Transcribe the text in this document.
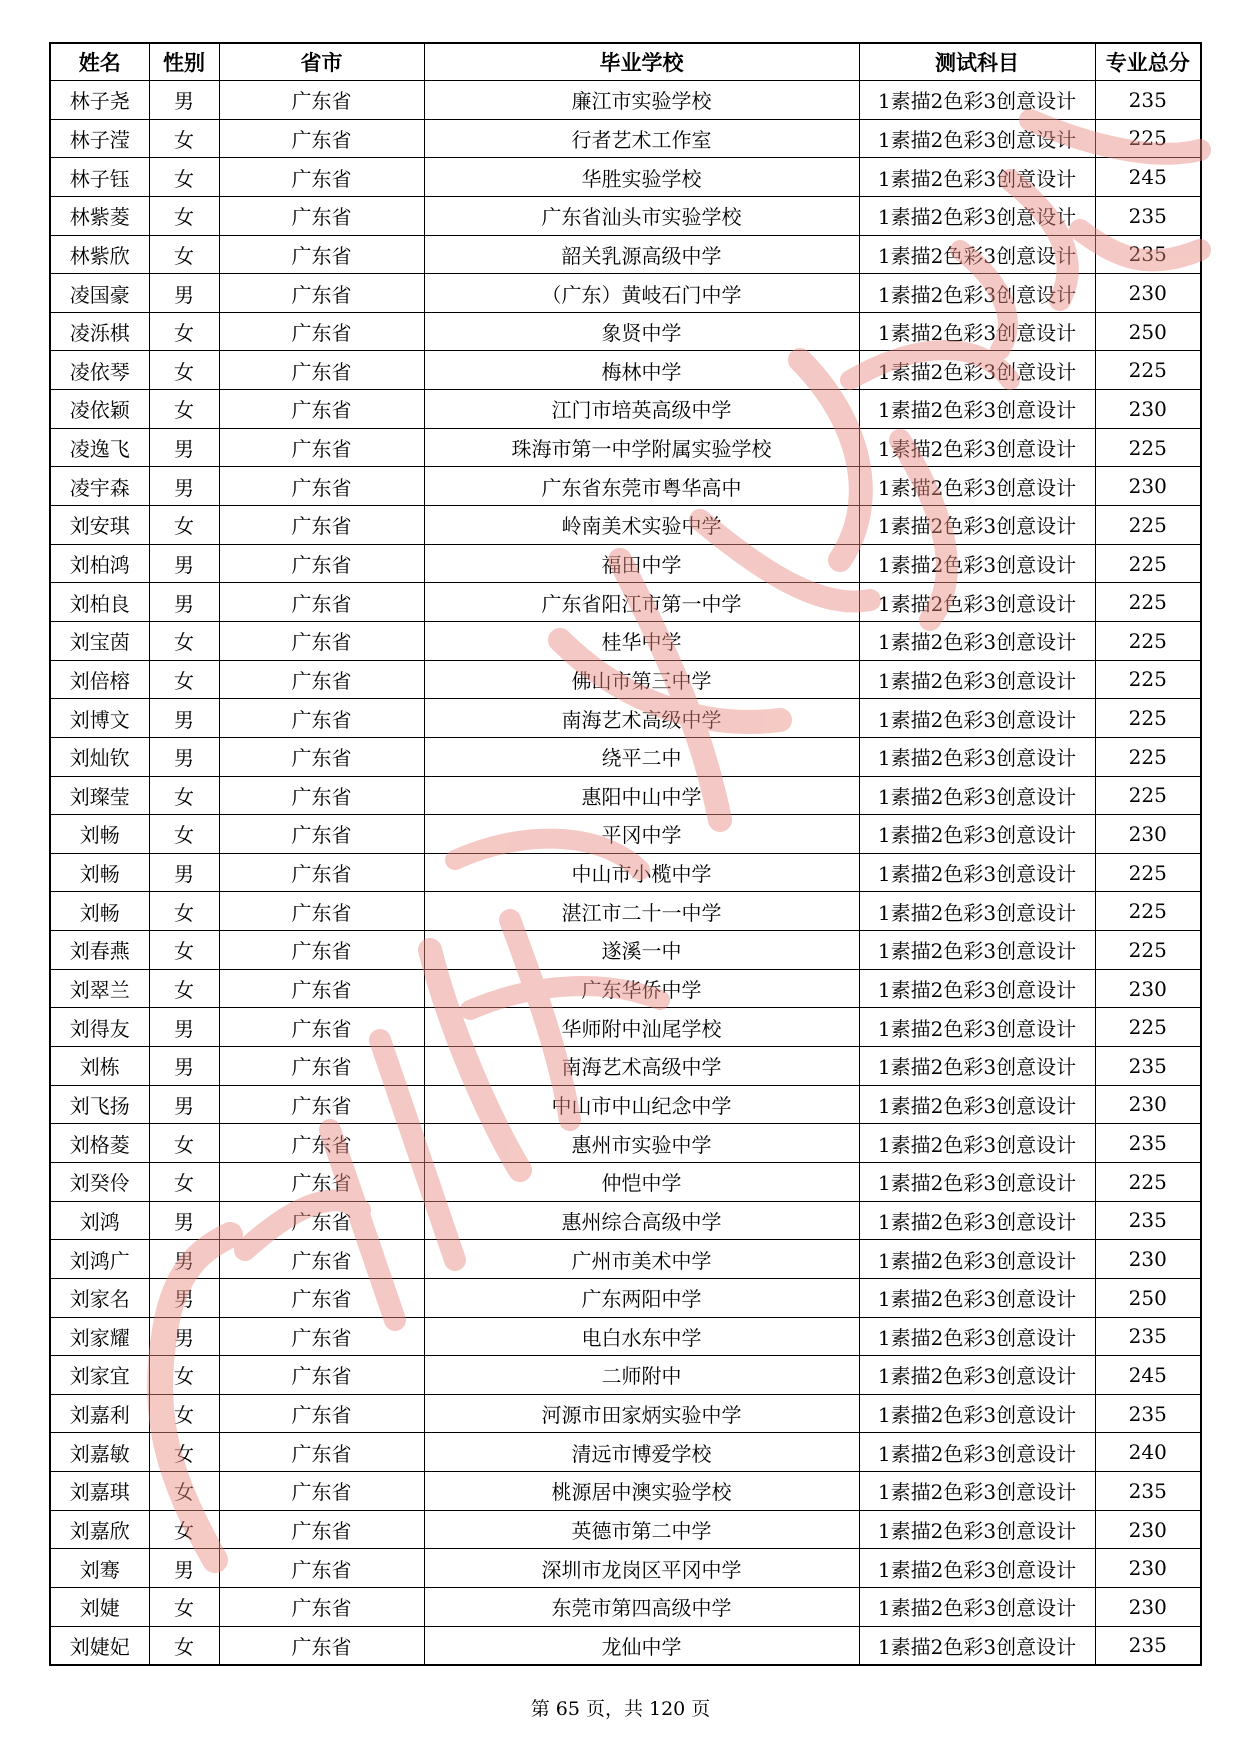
姓名	性别	省市	毕业学校	测试科目	专业总分
林子尧	男	广东省	廉江市实验学校	1素描2色彩3创意设计	235
林子滢	女	广东省	行者艺术工作室	1素描2色彩3创意设计	225
林子钰	女	广东省	华胜实验学校	1素描2色彩3创意设计	245
林紫菱	女	广东省	广东省汕头市实验学校	1素描2色彩3创意设计	235
林紫欣	女	广东省	韶关乳源高级中学	1素描2色彩3创意设计	235
凌国豪	男	广东省	（广东）黄岐石门中学	1素描2色彩3创意设计	230
凌泺棋	女	广东省	象贤中学	1素描2色彩3创意设计	250
凌依琴	女	广东省	梅林中学	1素描2色彩3创意设计	225
凌依颖	女	广东省	江门市培英高级中学	1素描2色彩3创意设计	230
凌逸飞	男	广东省	珠海市第一中学附属实验学校	1素描2色彩3创意设计	225
凌宇森	男	广东省	广东省东莞市粤华高中	1素描2色彩3创意设计	230
刘安琪	女	广东省	岭南美术实验中学	1素描2色彩3创意设计	225
刘柏鸿	男	广东省	福田中学	1素描2色彩3创意设计	225
刘柏良	男	广东省	广东省阳江市第一中学	1素描2色彩3创意设计	225
刘宝茵	女	广东省	桂华中学	1素描2色彩3创意设计	225
刘倍榕	女	广东省	佛山市第三中学	1素描2色彩3创意设计	225
刘博文	男	广东省	南海艺术高级中学	1素描2色彩3创意设计	225
刘灿钦	男	广东省	绕平二中	1素描2色彩3创意设计	225
刘璨莹	女	广东省	惠阳中山中学	1素描2色彩3创意设计	225
刘畅	女	广东省	平冈中学	1素描2色彩3创意设计	230
刘畅	男	广东省	中山市小榄中学	1素描2色彩3创意设计	225
刘畅	女	广东省	湛江市二十一中学	1素描2色彩3创意设计	225
刘春燕	女	广东省	遂溪一中	1素描2色彩3创意设计	225
刘翠兰	女	广东省	广东华侨中学	1素描2色彩3创意设计	230
刘得友	男	广东省	华师附中汕尾学校	1素描2色彩3创意设计	225
刘栋	男	广东省	南海艺术高级中学	1素描2色彩3创意设计	235
刘飞扬	男	广东省	中山市中山纪念中学	1素描2色彩3创意设计	230
刘格菱	女	广东省	惠州市实验中学	1素描2色彩3创意设计	235
刘癸伶	女	广东省	仲恺中学	1素描2色彩3创意设计	225
刘鸿	男	广东省	惠州综合高级中学	1素描2色彩3创意设计	235
刘鸿广	男	广东省	广州市美术中学	1素描2色彩3创意设计	230
刘家名	男	广东省	广东两阳中学	1素描2色彩3创意设计	250
刘家耀	男	广东省	电白水东中学	1素描2色彩3创意设计	235
刘家宜	女	广东省	二师附中	1素描2色彩3创意设计	245
刘嘉利	女	广东省	河源市田家炳实验中学	1素描2色彩3创意设计	235
刘嘉敏	女	广东省	清远市博爱学校	1素描2色彩3创意设计	240
刘嘉琪	女	广东省	桃源居中澳实验学校	1素描2色彩3创意设计	235
刘嘉欣	女	广东省	英德市第二中学	1素描2色彩3创意设计	230
刘骞	男	广东省	深圳市龙岗区平冈中学	1素描2色彩3创意设计	230
刘婕	女	广东省	东莞市第四高级中学	1素描2色彩3创意设计	230
刘婕妃	女	广东省	龙仙中学	1素描2色彩3创意设计	235
第 65 页，共 120 页
